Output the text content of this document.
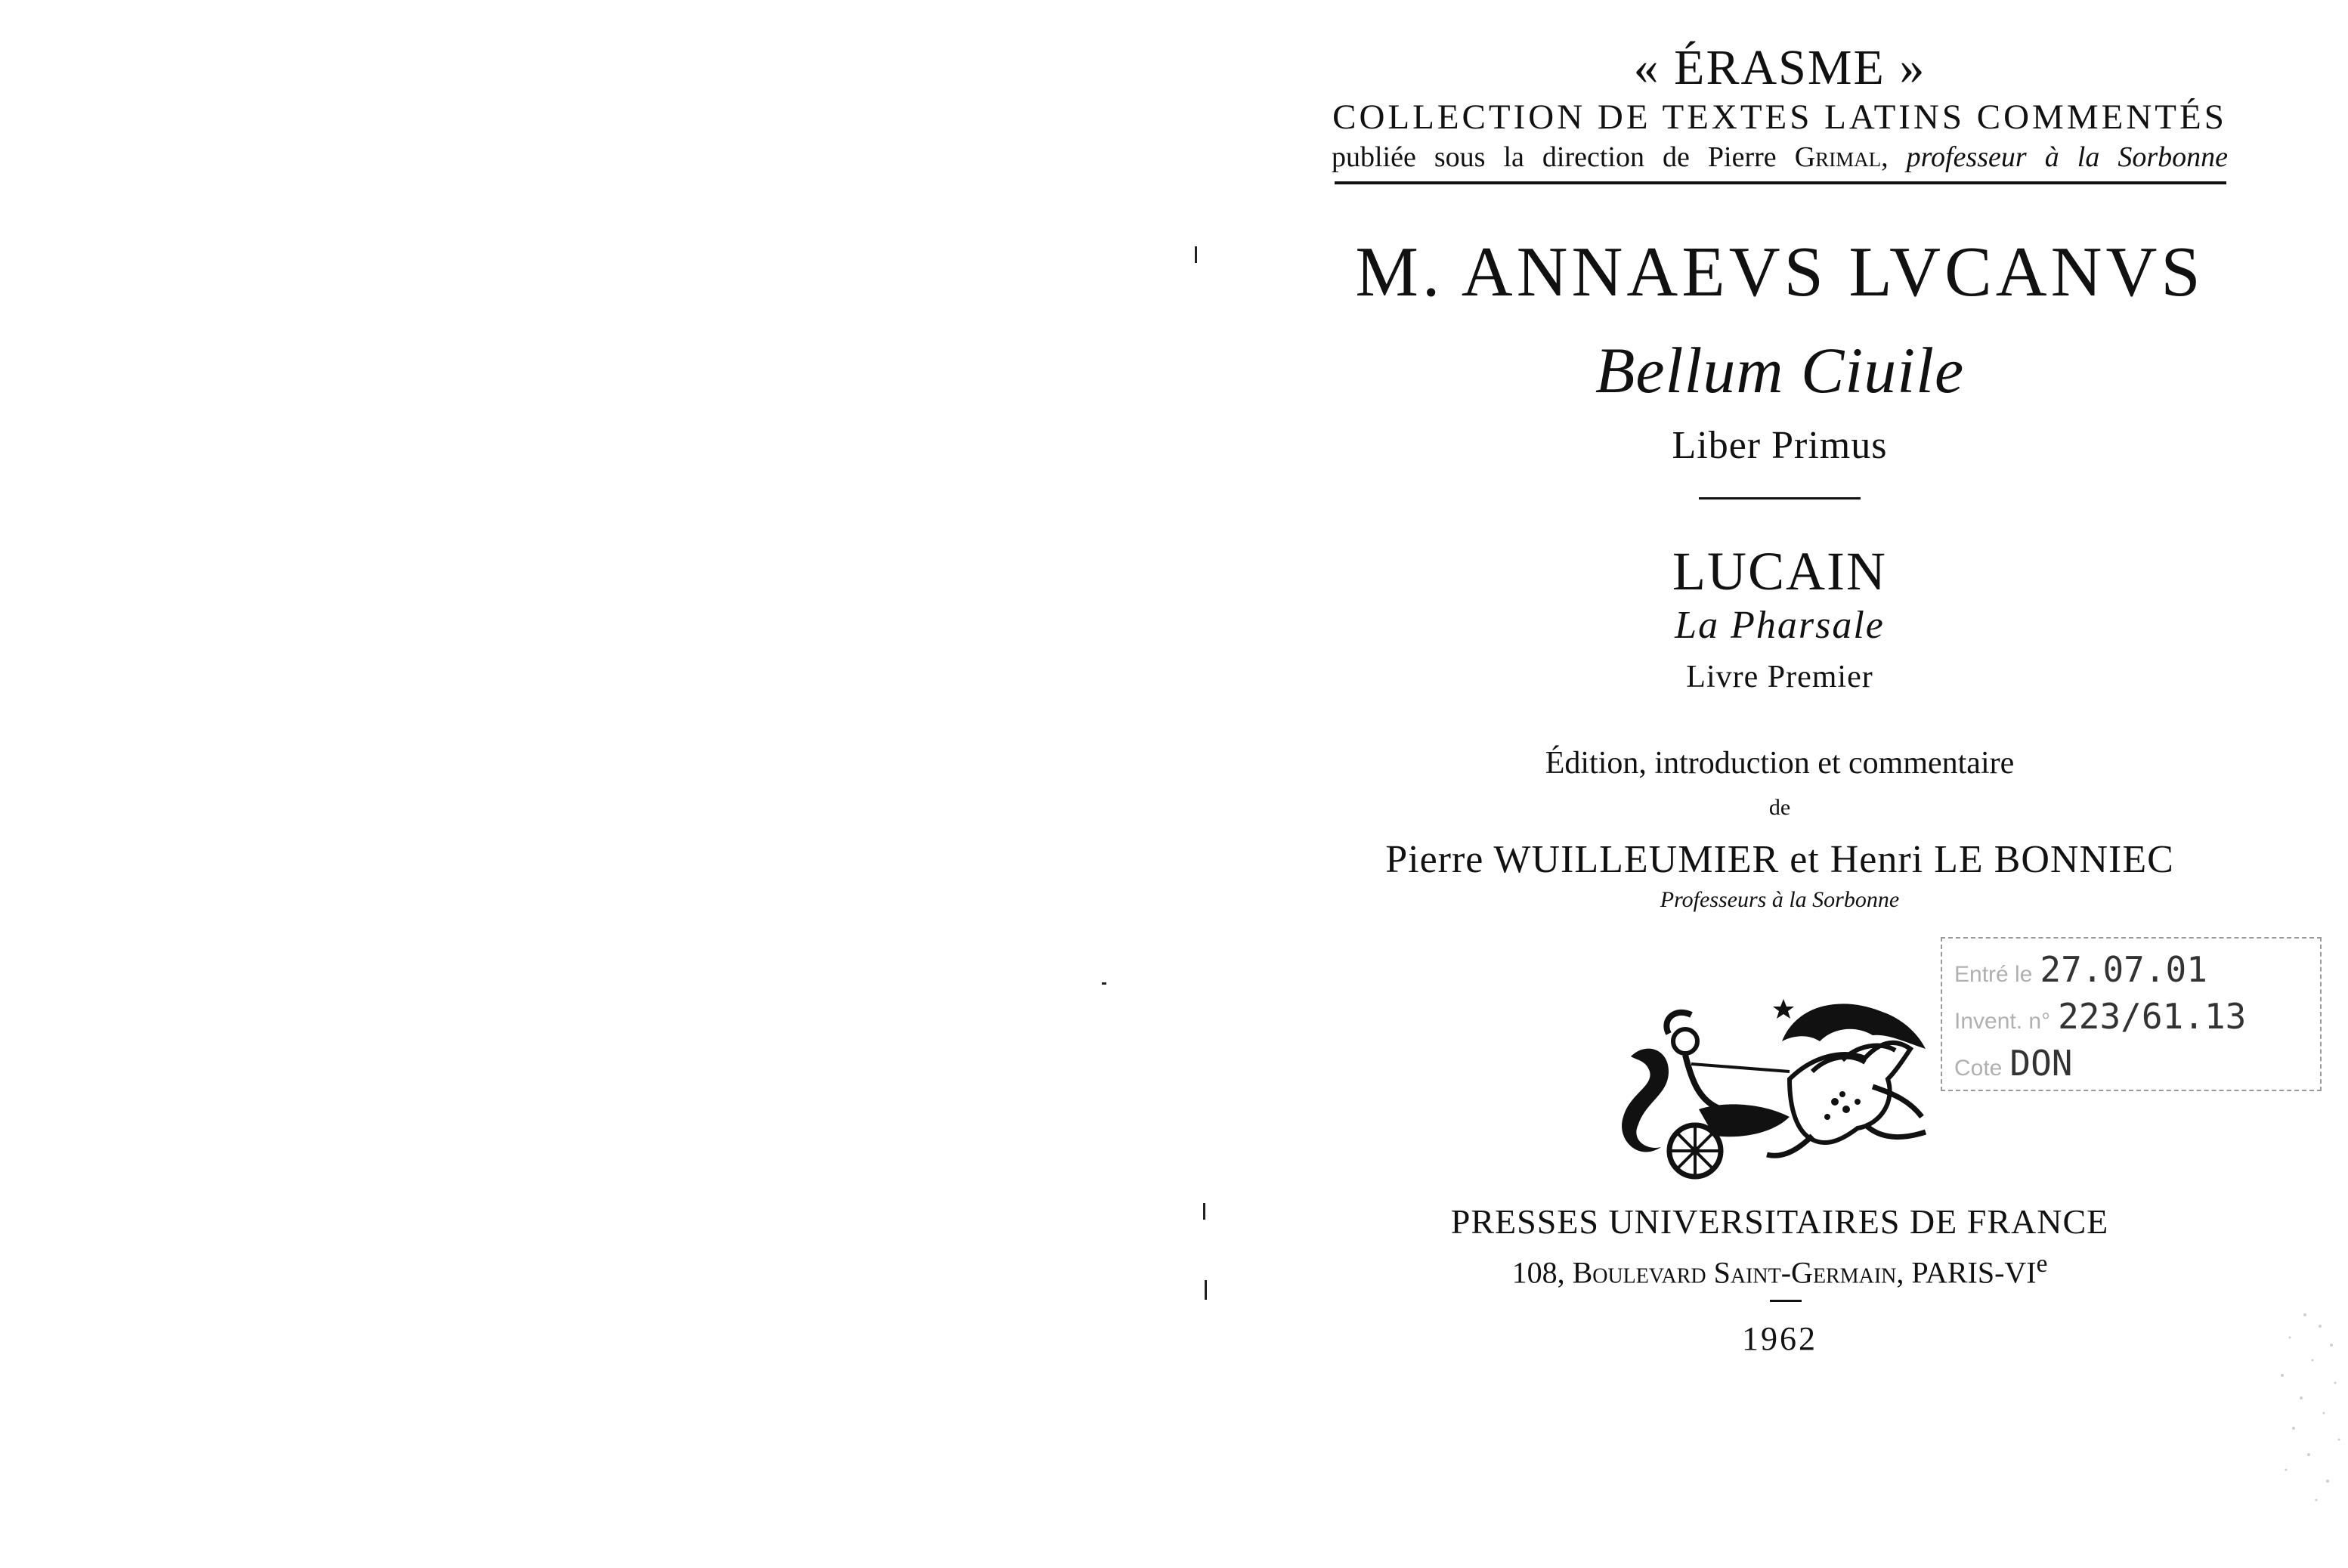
« ÉRASME »
COLLECTION DE TEXTES LATINS COMMENTÉS
publiée sous la direction de Pierre Grimal, professeur à la Sorbonne
M. ANNAEVS LVCANVS
Bellum Ciuile
Liber Primus
LUCAIN
La Pharsale
Livre Premier
Édition, introduction et commentaire
de
Pierre WUILLEUMIER et Henri LE BONNIEC
Professeurs à la Sorbonne
Entré le 27.07.01
Invent. n° 223/61.13
Cote DON
PRESSES UNIVERSITAIRES DE FRANCE
108, Boulevard Saint-Germain, PARIS-VIe
1962
